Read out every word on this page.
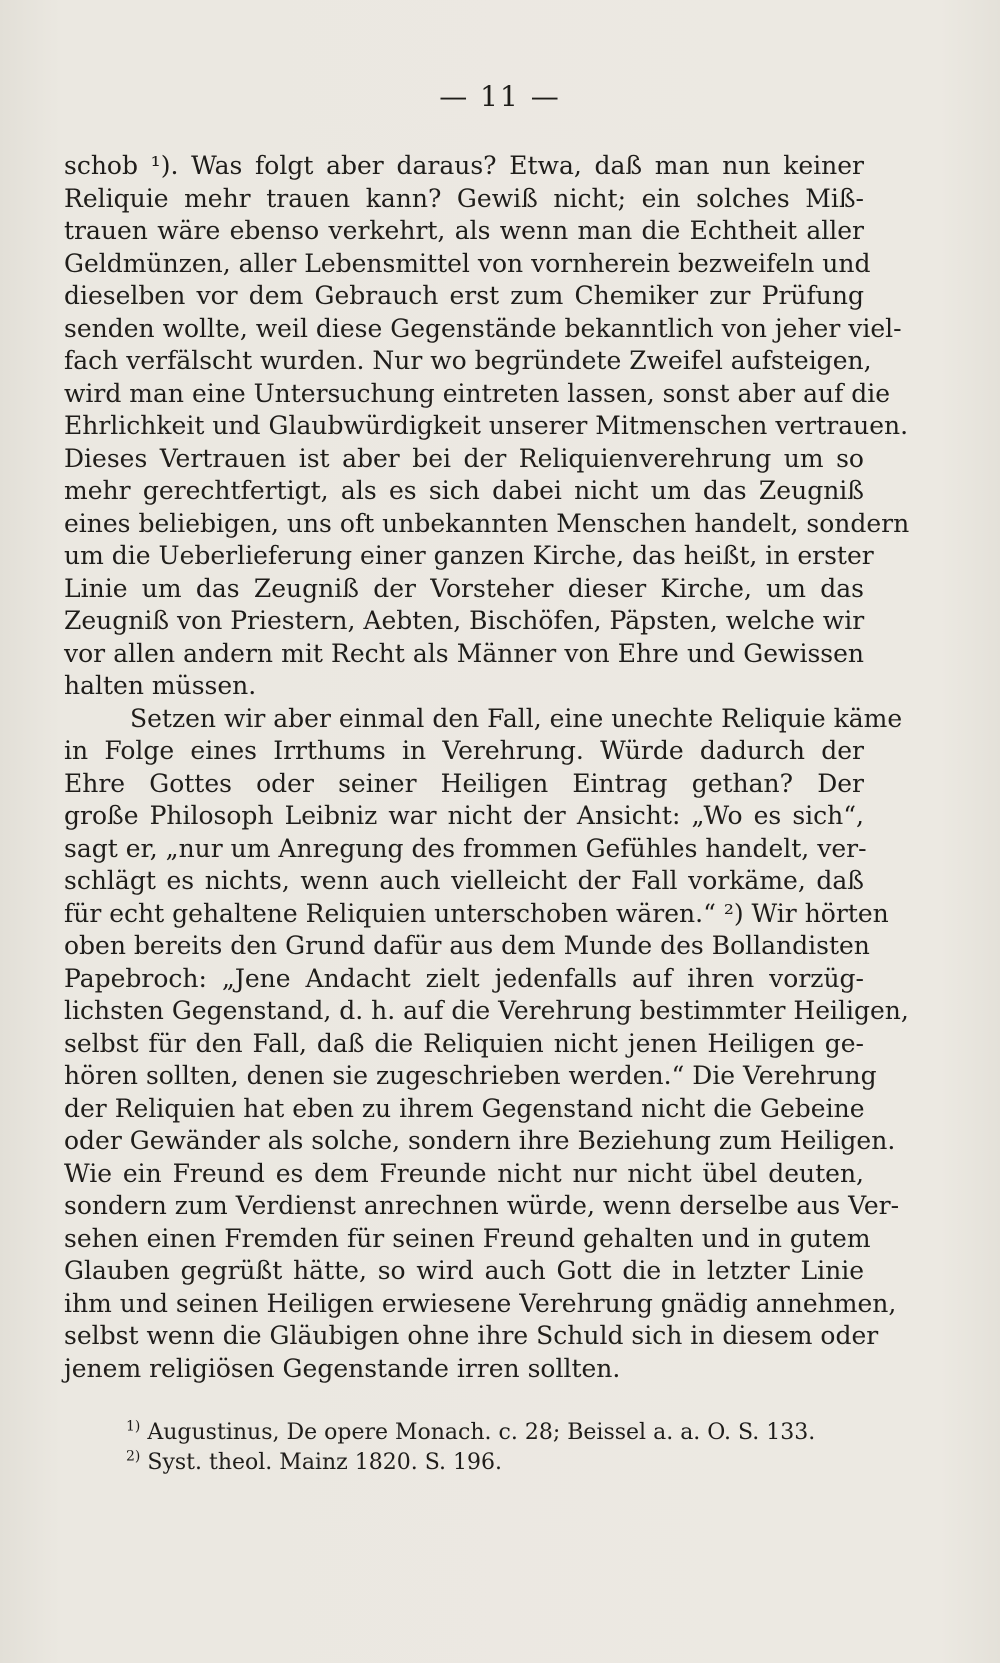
— 11 —
schob ¹). Was folgt aber daraus? Etwa, daß man nun keiner
Reliquie mehr trauen kann? Gewiß nicht; ein solches Miß-
trauen wäre ebenso verkehrt, als wenn man die Echtheit aller
Geldmünzen, aller Lebensmittel von vornherein bezweifeln und
dieselben vor dem Gebrauch erst zum Chemiker zur Prüfung
senden wollte, weil diese Gegenstände bekanntlich von jeher viel-
fach verfälscht wurden. Nur wo begründete Zweifel aufsteigen,
wird man eine Untersuchung eintreten lassen, sonst aber auf die
Ehrlichkeit und Glaubwürdigkeit unserer Mitmenschen vertrauen.
Dieses Vertrauen ist aber bei der Reliquienverehrung um so
mehr gerechtfertigt, als es sich dabei nicht um das Zeugniß
eines beliebigen, uns oft unbekannten Menschen handelt, sondern
um die Ueberlieferung einer ganzen Kirche, das heißt, in erster
Linie um das Zeugniß der Vorsteher dieser Kirche, um das
Zeugniß von Priestern, Aebten, Bischöfen, Päpsten, welche wir
vor allen andern mit Recht als Männer von Ehre und Gewissen
halten müssen.
Setzen wir aber einmal den Fall, eine unechte Reliquie käme
in Folge eines Irrthums in Verehrung. Würde dadurch der
Ehre Gottes oder seiner Heiligen Eintrag gethan? Der
große Philosoph Leibniz war nicht der Ansicht: „Wo es sich“,
sagt er, „nur um Anregung des frommen Gefühles handelt, ver-
schlägt es nichts, wenn auch vielleicht der Fall vorkäme, daß
für echt gehaltene Reliquien unterschoben wären.“ ²) Wir hörten
oben bereits den Grund dafür aus dem Munde des Bollandisten
Papebroch: „Jene Andacht zielt jedenfalls auf ihren vorzüg-
lichsten Gegenstand, d. h. auf die Verehrung bestimmter Heiligen,
selbst für den Fall, daß die Reliquien nicht jenen Heiligen ge-
hören sollten, denen sie zugeschrieben werden.“ Die Verehrung
der Reliquien hat eben zu ihrem Gegenstand nicht die Gebeine
oder Gewänder als solche, sondern ihre Beziehung zum Heiligen.
Wie ein Freund es dem Freunde nicht nur nicht übel deuten,
sondern zum Verdienst anrechnen würde, wenn derselbe aus Ver-
sehen einen Fremden für seinen Freund gehalten und in gutem
Glauben gegrüßt hätte, so wird auch Gott die in letzter Linie
ihm und seinen Heiligen erwiesene Verehrung gnädig annehmen,
selbst wenn die Gläubigen ohne ihre Schuld sich in diesem oder
jenem religiösen Gegenstande irren sollten.
$^{1)}$ Augustinus, De opere Monach. c. 28; Beissel a. a. O. S. 133.
$^{2)}$ Syst. theol. Mainz 1820. S. 196.
